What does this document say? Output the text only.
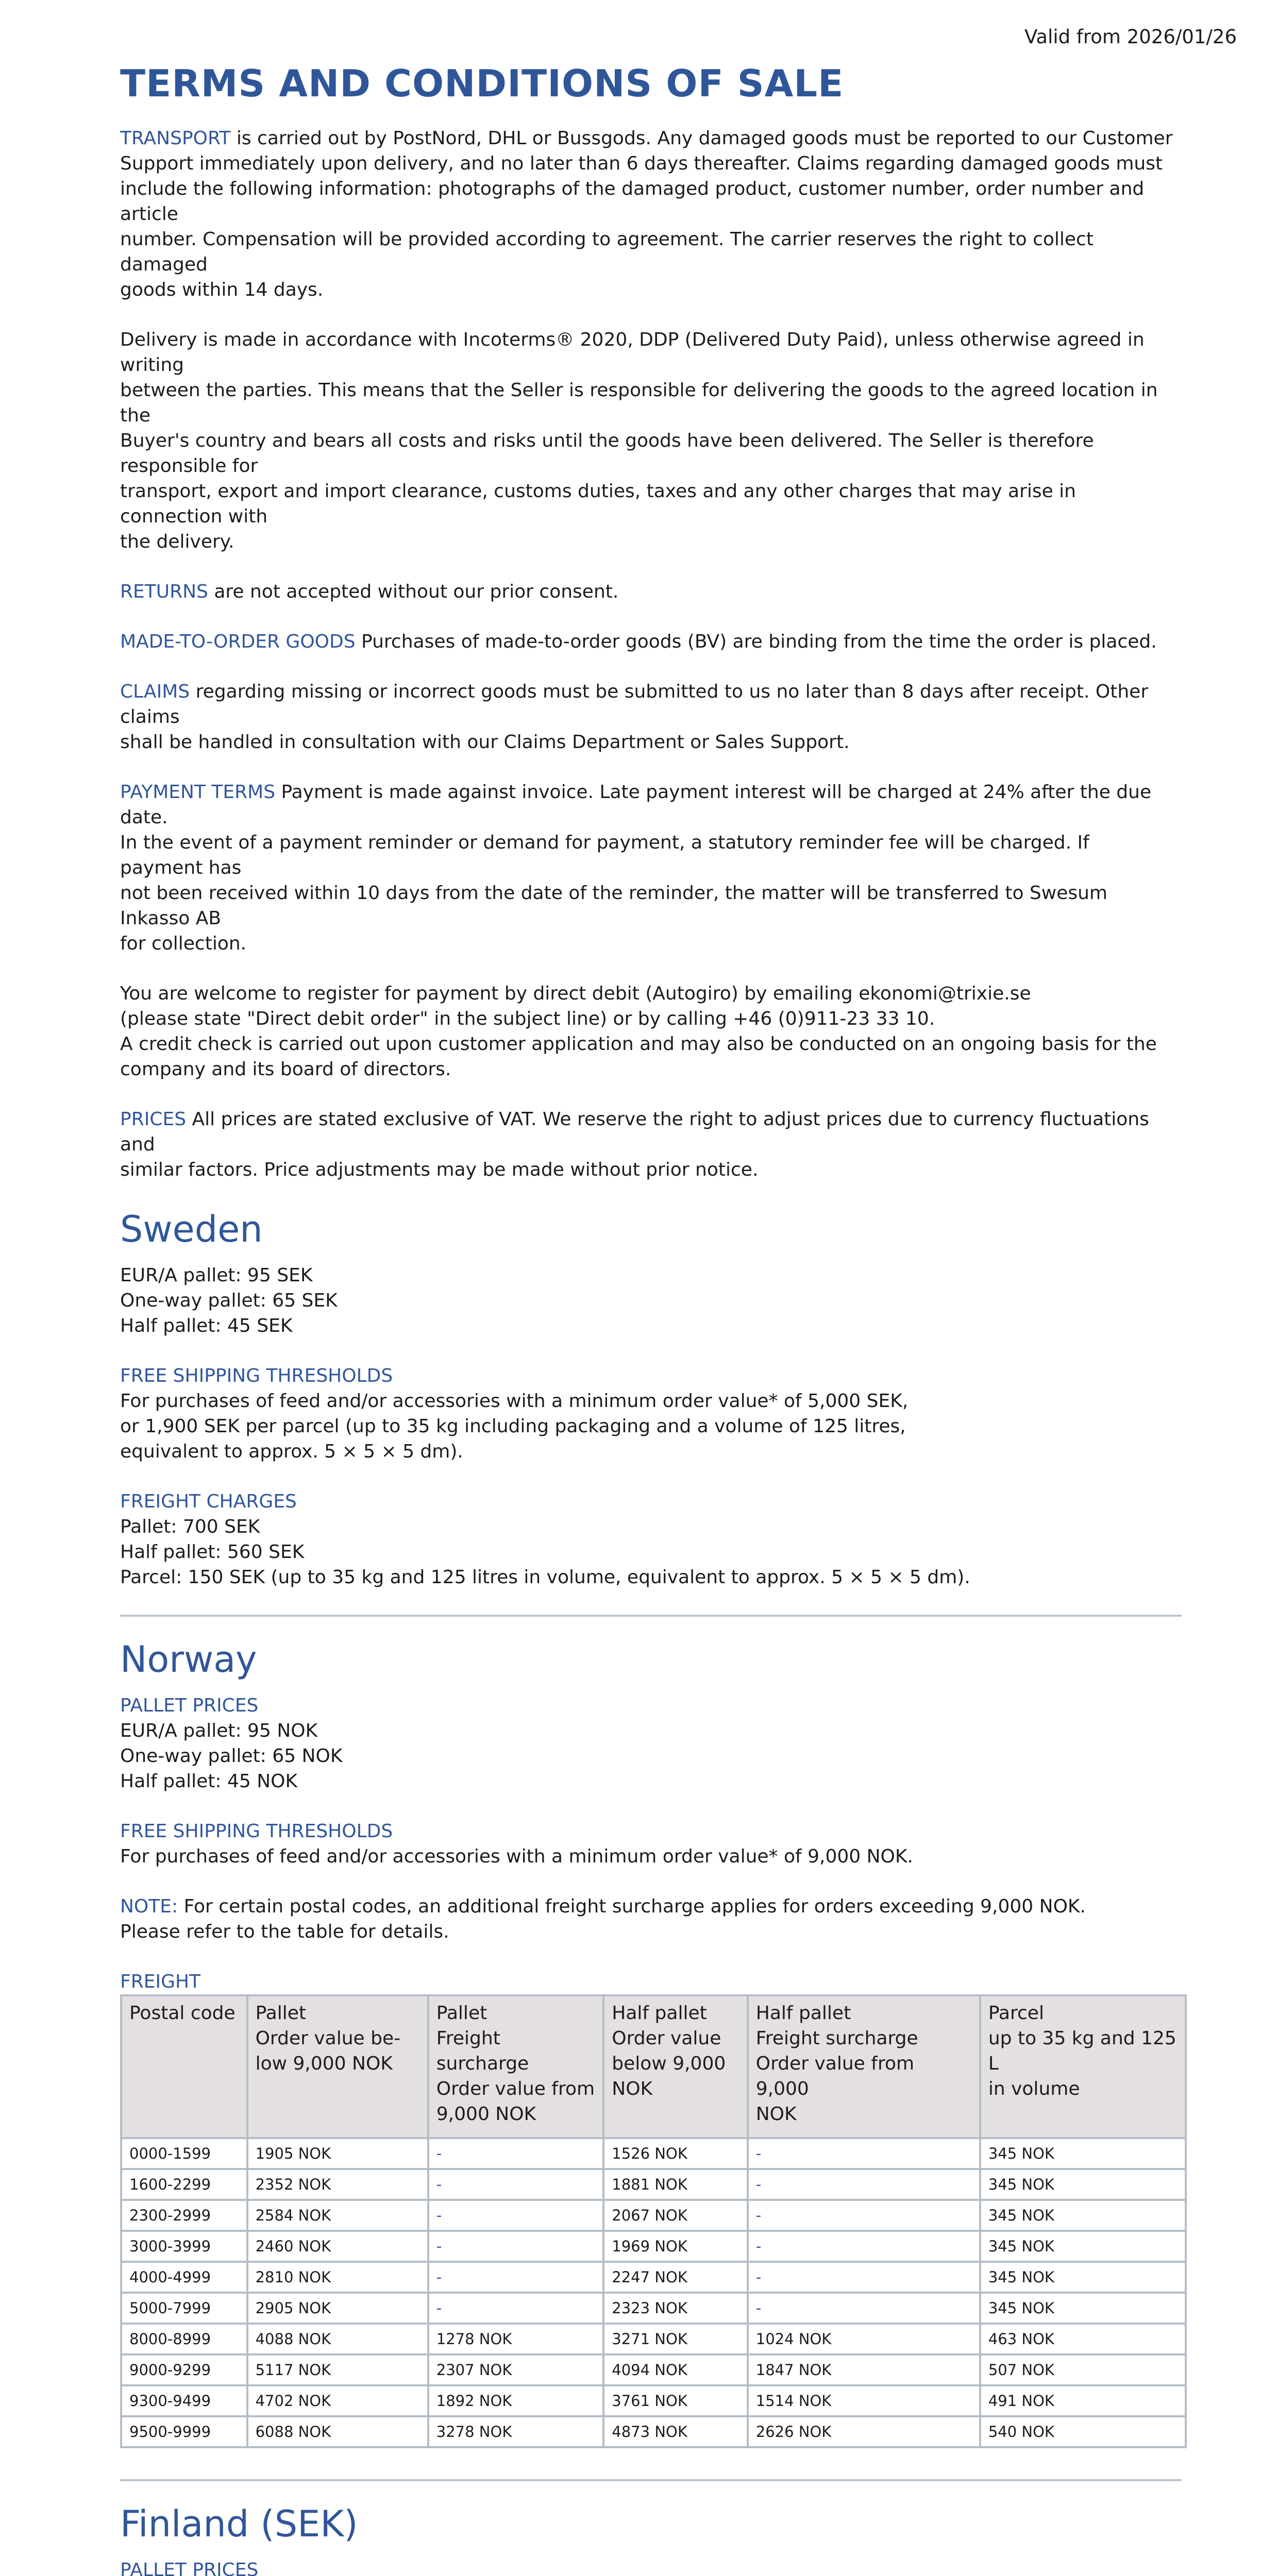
Valid from 2026/01/26
TERMS AND CONDITIONS OF SALE

TRANSPORT is carried out by PostNord, DHL or Bussgods. Any damaged goods must be reported to our Customer
Support immediately upon delivery, and no later than 6 days thereafter. Claims regarding damaged goods must
include the following information: photographs of the damaged product, customer number, order number and article
number. Compensation will be provided according to agreement. The carrier reserves the right to collect damaged
goods within 14 days.

Delivery is made in accordance with Incoterms® 2020, DDP (Delivered Duty Paid), unless otherwise agreed in writing
between the parties. This means that the Seller is responsible for delivering the goods to the agreed location in the
Buyer's country and bears all costs and risks until the goods have been delivered. The Seller is therefore responsible for
transport, export and import clearance, customs duties, taxes and any other charges that may arise in connection with
the delivery.

RETURNS are not accepted without our prior consent.

MADE-TO-ORDER GOODS Purchases of made-to-order goods (BV) are binding from the time the order is placed.

CLAIMS regarding missing or incorrect goods must be submitted to us no later than 8 days after receipt. Other claims
shall be handled in consultation with our Claims Department or Sales Support.

PAYMENT TERMS Payment is made against invoice. Late payment interest will be charged at 24% after the due date.
In the event of a payment reminder or demand for payment, a statutory reminder fee will be charged. If payment has
not been received within 10 days from the date of the reminder, the matter will be transferred to Swesum Inkasso AB
for collection.

You are welcome to register for payment by direct debit (Autogiro) by emailing ekonomi@trixie.se
(please state "Direct debit order" in the subject line) or by calling +46 (0)911-23 33 10.
A credit check is carried out upon customer application and may also be conducted on an ongoing basis for the
company and its board of directors.

PRICES All prices are stated exclusive of VAT. We reserve the right to adjust prices due to currency fluctuations and
similar factors. Price adjustments may be made without prior notice.

Sweden
EUR/A pallet: 95 SEK
One-way pallet: 65 SEK
Half pallet: 45 SEK
FREE SHIPPING THRESHOLDS
For purchases of feed and/or accessories with a minimum order value* of 5,000 SEK,
or 1,900 SEK per parcel (up to 35 kg including packaging and a volume of 125 litres,
equivalent to approx. 5 × 5 × 5 dm).
FREIGHT CHARGES
Pallet: 700 SEK
Half pallet: 560 SEK
Parcel: 150 SEK (up to 35 kg and 125 litres in volume, equivalent to approx. 5 × 5 × 5 dm).
Norway
PALLET PRICES
EUR/A pallet: 95 NOK
One-way pallet: 65 NOK
Half pallet: 45 NOK
FREE SHIPPING THRESHOLDS
For purchases of feed and/or accessories with a minimum order value* of 9,000 NOK.
NOTE: For certain postal codes, an additional freight surcharge applies for orders exceeding 9,000 NOK.
Please refer to the table for details.
FREIGHT
Postal code	Pallet
Order value be-
low 9,000 NOK	Pallet
Freight surcharge
Order value from
9,000 NOK	Half pallet
Order value
below 9,000
NOK	Half pallet
Freight surcharge
Order value from 9,000
NOK	Parcel
up to 35 kg and 125 L
in volume

0000-1599	1905 NOK	-	1526 NOK	-	345 NOK
1600-2299	2352 NOK	-	1881 NOK	-	345 NOK
2300-2999	2584 NOK	-	2067 NOK	-	345 NOK
3000-3999	2460 NOK	-	1969 NOK	-	345 NOK
4000-4999	2810 NOK	-	2247 NOK	-	345 NOK
5000-7999	2905 NOK	-	2323 NOK	-	345 NOK
8000-8999	4088 NOK	1278 NOK	3271 NOK	1024 NOK	463 NOK
9000-9299	5117 NOK	2307 NOK	4094 NOK	1847 NOK	507 NOK
9300-9499	4702 NOK	1892 NOK	3761 NOK	1514 NOK	491 NOK
9500-9999	6088 NOK	3278 NOK	4873 NOK	2626 NOK	540 NOK
Finland (SEK)
PALLET PRICES
